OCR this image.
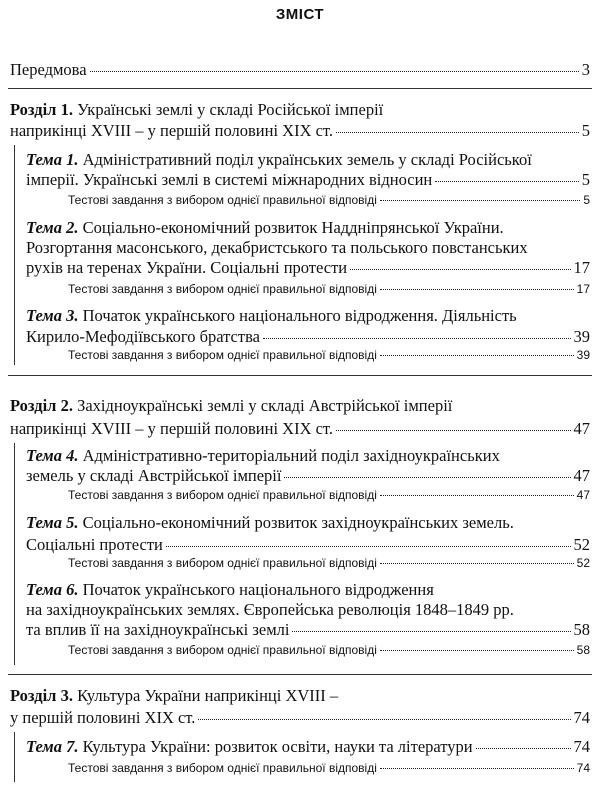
ЗМІСТ
Передмова	3
Розділ 1. Українські землі у складі Російської імперії
наприкінці XVIII – у першій половині XIX ст.	5
Тема 1. Адміністративний поділ українських земель у складі Російської
імперії. Українські землі в системі міжнародних відносин	5
Тестові завдання з вибором однієї правильної відповіді	5
Тема 2. Соціально-економічний розвиток Наддніпрянської України.
Розгортання масонського, декабристського та польського повстанських
рухів на теренах України. Соціальні протести	17
Тестові завдання з вибором однієї правильної відповіді	17
Тема 3. Початок українського національного відродження. Діяльність
Кирило-Мефодіївського братства	39
Тестові завдання з вибором однієї правильної відповіді	39
Розділ 2. Західноукраїнські землі у складі Австрійської імперії
наприкінці XVIII – у першій половині XIX ст.	47
Тема 4. Адміністративно-територіальний поділ західноукраїнських
земель у складі Австрійської імперії	47
Тестові завдання з вибором однієї правильної відповіді	47
Тема 5. Соціально-економічний розвиток західноукраїнських земель.
Соціальні протести	52
Тестові завдання з вибором однієї правильної відповіді	52
Тема 6. Початок українського національного відродження
на західноукраїнських землях. Європейська революція 1848–1849 рр.
та вплив її на західноукраїнські землі	58
Тестові завдання з вибором однієї правильної відповіді	58
Розділ 3. Культура України наприкінці XVIII –
у першій половині XIX ст.	74
Тема 7. Культура України: розвиток освіти, науки та літератури	74
Тестові завдання з вибором однієї правильної відповіді	74
